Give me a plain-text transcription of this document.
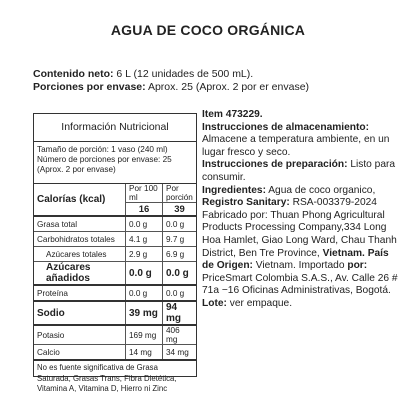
AGUA DE COCO ORGÁNICA
Contenido neto: 6 L (12 unidades de 500 mL).
Porciones por envase: Aprox. 25 (Aprox. 2 por er envase)
Información Nutricional
Tamaño de porción: 1 vaso (240 ml)
Número de porciones por envase: 25 (Aprox. 2 por envase)
Calorías (kcal)	Por 100 ml	Por porción
	16	39
Grasa total	0.0 g	0.0 g
Carbohidratos totales	4.1 g	9.7 g
Azúcares totales	2.9 g	6.9 g
Azúcares añadidos	0.0 g	0.0 g
Proteína	0.0 g	0.0 g
Sodio	39 mg	94 mg
Potasio	169 mg	406 mg
Calcio	14 mg	34 mg
No es fuente significativa de Grasa Saturada, Grasas Trans, Fibra Dietética, Vitamina A, Vitamina D, Hierro ni Zinc

Item 473229.

Instrucciones de almacenamiento: Almacene a temperatura ambiente, en un lugar fresco y seco.

Instrucciones de preparación: Listo para consumir.

Ingredientes: Agua de coco organico, Registro Sanitary: RSA-003379-2024 Fabricado por: Thuan Phong Agricultural Products Processing Company,334 Long Hoa Hamlet, Giao Long Ward, Chau Thanh District, Ben Tre Province, Vietnam. País de Origen: Vietnam. Importado por: PriceSmart Colombia S.A.S., Av. Calle 26 # 71a −16 Oficinas Administrativas, Bogotá.

Lote: ver empaque.
